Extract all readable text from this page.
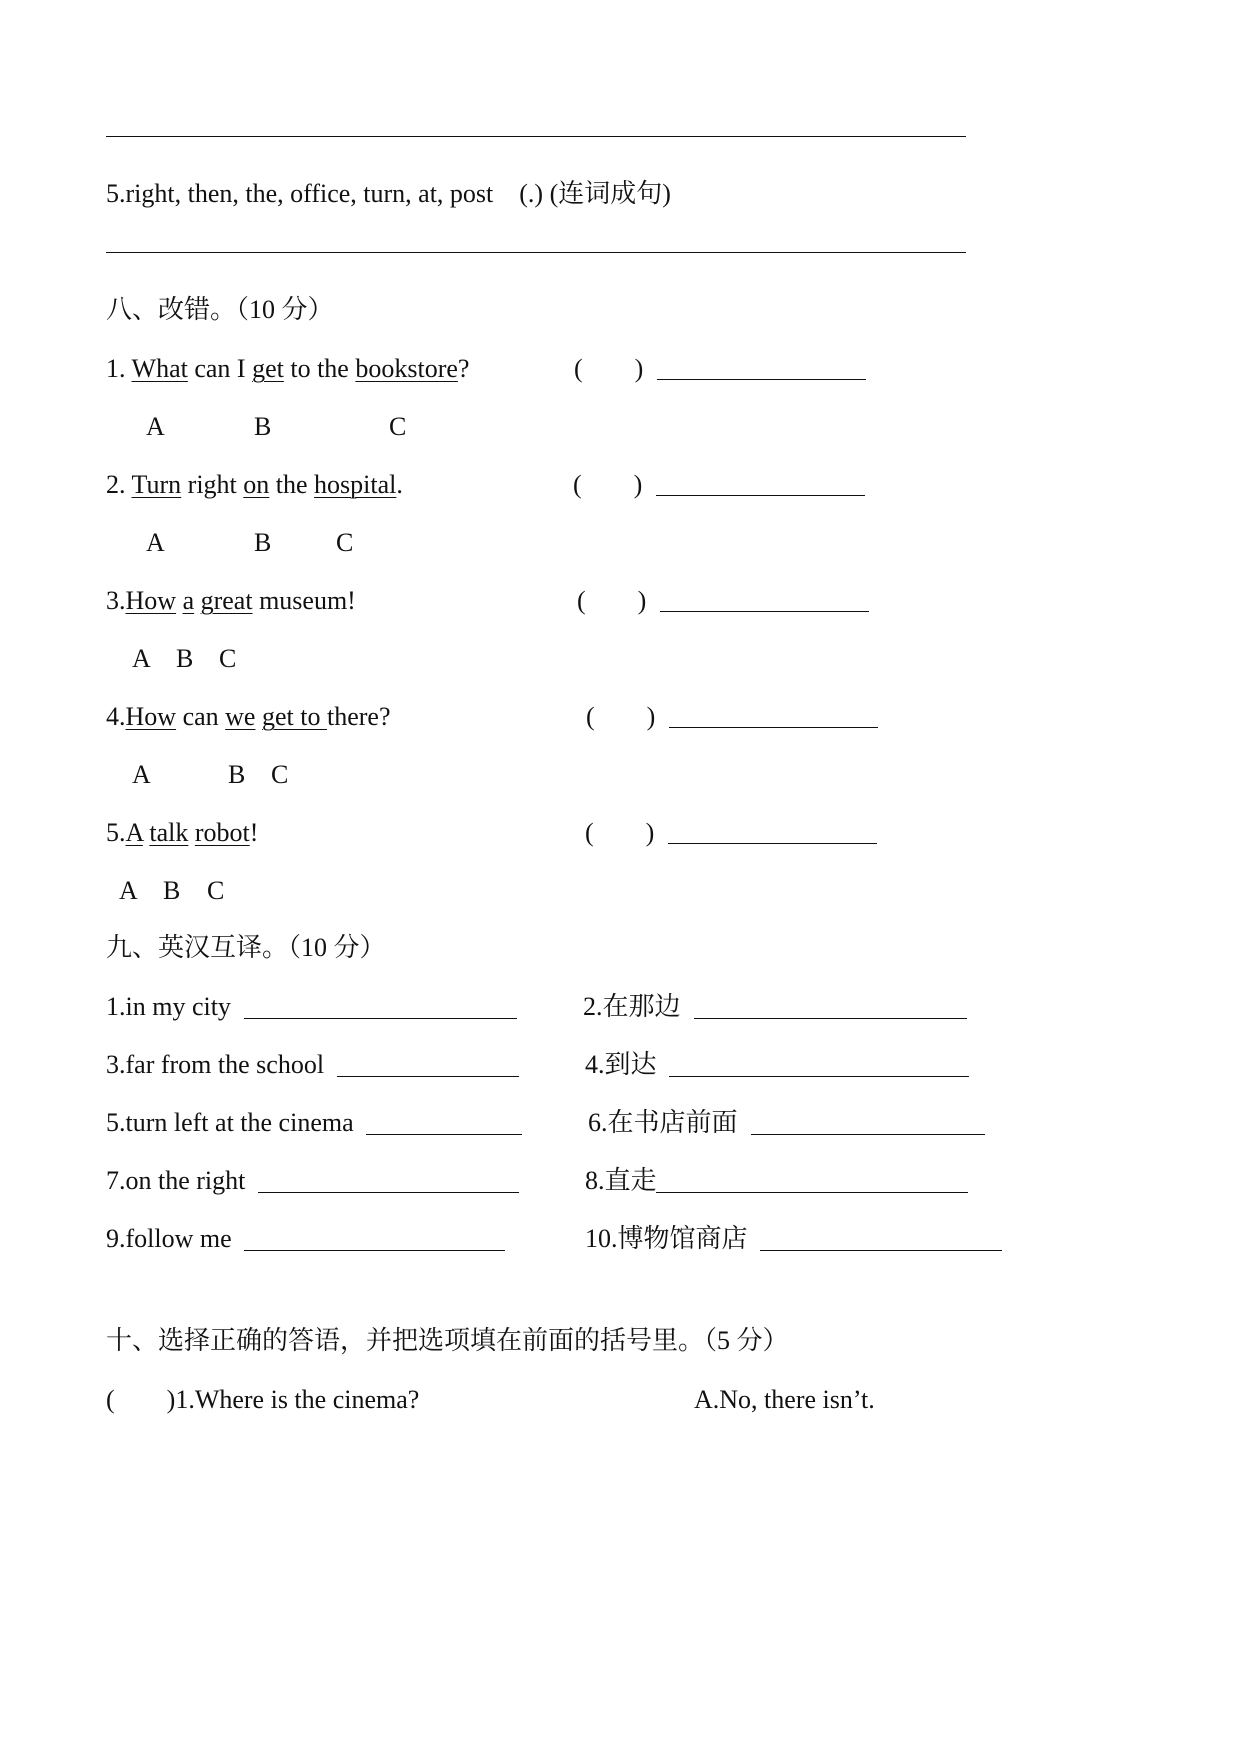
5.right, then, the, office, turn, at, post　(.) (连词成句)
八、改错。（10 分）
1. What can I get to the bookstore?	(　　)
A	B	C
2. Turn right on the hospital.	(　　)
A	B C
3.How a great museum!	(　　)
A B C
4.How can we get to there?	(　　)
A	B C
5.A talk robot!	(　　)
A B C
九、英汉互译。（10 分）
1.in my city	2.在那边
3.far from the school	4.到达
5.turn left at the cinema	6.在书店前面
7.on the right	8.直走
9.follow me	10.博物馆商店
十、选择正确的答语，并把选项填在前面的括号里。（5 分）
(　　)1.Where is the cinema?	A.No, there isn’t.
